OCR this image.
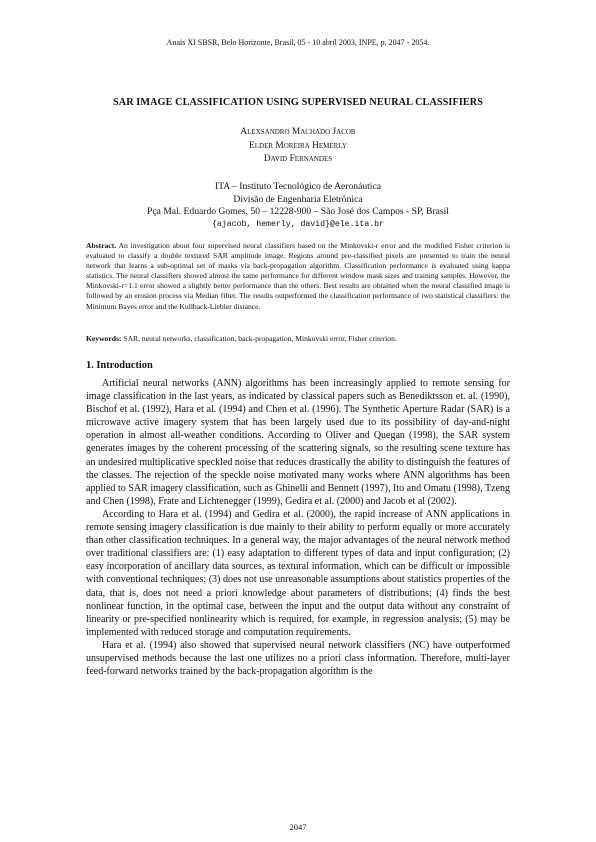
Anais XI SBSR, Belo Horizonte, Brasil, 05 - 10 abril 2003, INPE, p. 2047 - 2054.
SAR IMAGE CLASSIFICATION USING SUPERVISED NEURAL CLASSIFIERS
Alexsandro Machado Jacob
Elder Moreira Hemerly
David Fernandes
ITA – Instituto Tecnológico de Aeronáutica
Divisão de Engenharia Eletrônica
Pça Mal. Eduardo Gomes, 50 – 12228-900 – São José dos Campos - SP, Brasil
{ajacob, hemerly, david}@ele.ita.br
Abstract. An investigation about four supervised neural classifiers based on the Minkovski-r error and the modified Fisher criterion is evaluated to classify a double textured SAR amplitude image. Regions around pre-classified pixels are presented to train the neural network that learns a sub-optimal set of masks via back-propagation algorithm. Classification performance is evaluated using kappa statistics. The neural classifiers showed almost the same performance for different window mask sizes and training samples. However, the Minkovski-r=1.1 error showed a slightly better performance than the others. Best results are obtained when the neural classified image is followed by an erosion process via Median filter. The results outperformed the classification performance of two statistical classifiers: the Minimum Bayes error and the Kullback-Liebler distance.
Keywords: SAR, neural networks, classification, back-propagation, Minkovski error, Fisher criterion.
1. Introduction

Artificial neural networks (ANN) algorithms has been increasingly applied to remote sensing for image classification in the last years, as indicated by classical papers such as Benediktsson et. al. (1990), Bischof et al. (1992), Hara et al. (1994) and Chen et al. (1996). The Synthetic Aperture Radar (SAR) is a microwave active imagery system that has been largely used due to its possibility of day-and-night operation in almost all-weather conditions. According to Oliver and Quegan (1998), the SAR system generates images by the coherent processing of the scattering signals, so the resulting scene texture has an undesired multiplicative speckled noise that reduces drastically the ability to distinguish the features of the classes. The rejection of the speckle noise motivated many works where ANN algorithms has been applied to SAR imagery classification, such as Ghinelli and Bennett (1997), Ito and Omatu (1998), Tzeng and Chen (1998), Frate and Lichtenegger (1999), Gedira et al. (2000) and Jacob et al (2002).

According to Hara et al. (1994) and Gedira et al. (2000), the rapid increase of ANN applications in remote sensing imagery classification is due mainly to their ability to perform equally or more accurately than other classification techniques. In a general way, the major advantages of the neural network method over traditional classifiers are: (1) easy adaptation to different types of data and input configuration; (2) easy incorporation of ancillary data sources, as textural information, which can be difficult or impossible with conventional techniques; (3) does not use unreasonable assumptions about statistics properties of the data, that is, does not need a priori knowledge about parameters of distributions; (4) finds the best nonlinear function, in the optimal case, between the input and the output data without any constraint of linearity or pre-specified nonlinearity which is required, for example, in regression analysis; (5) may be implemented with reduced storage and computation requirements.

Hara et al. (1994) also showed that supervised neural network classifiers (NC) have outperformed unsupervised methods because the last one utilizes no a priori class information. Therefore, multi-layer feed-forward networks trained by the back-propagation algorithm is the

2047
